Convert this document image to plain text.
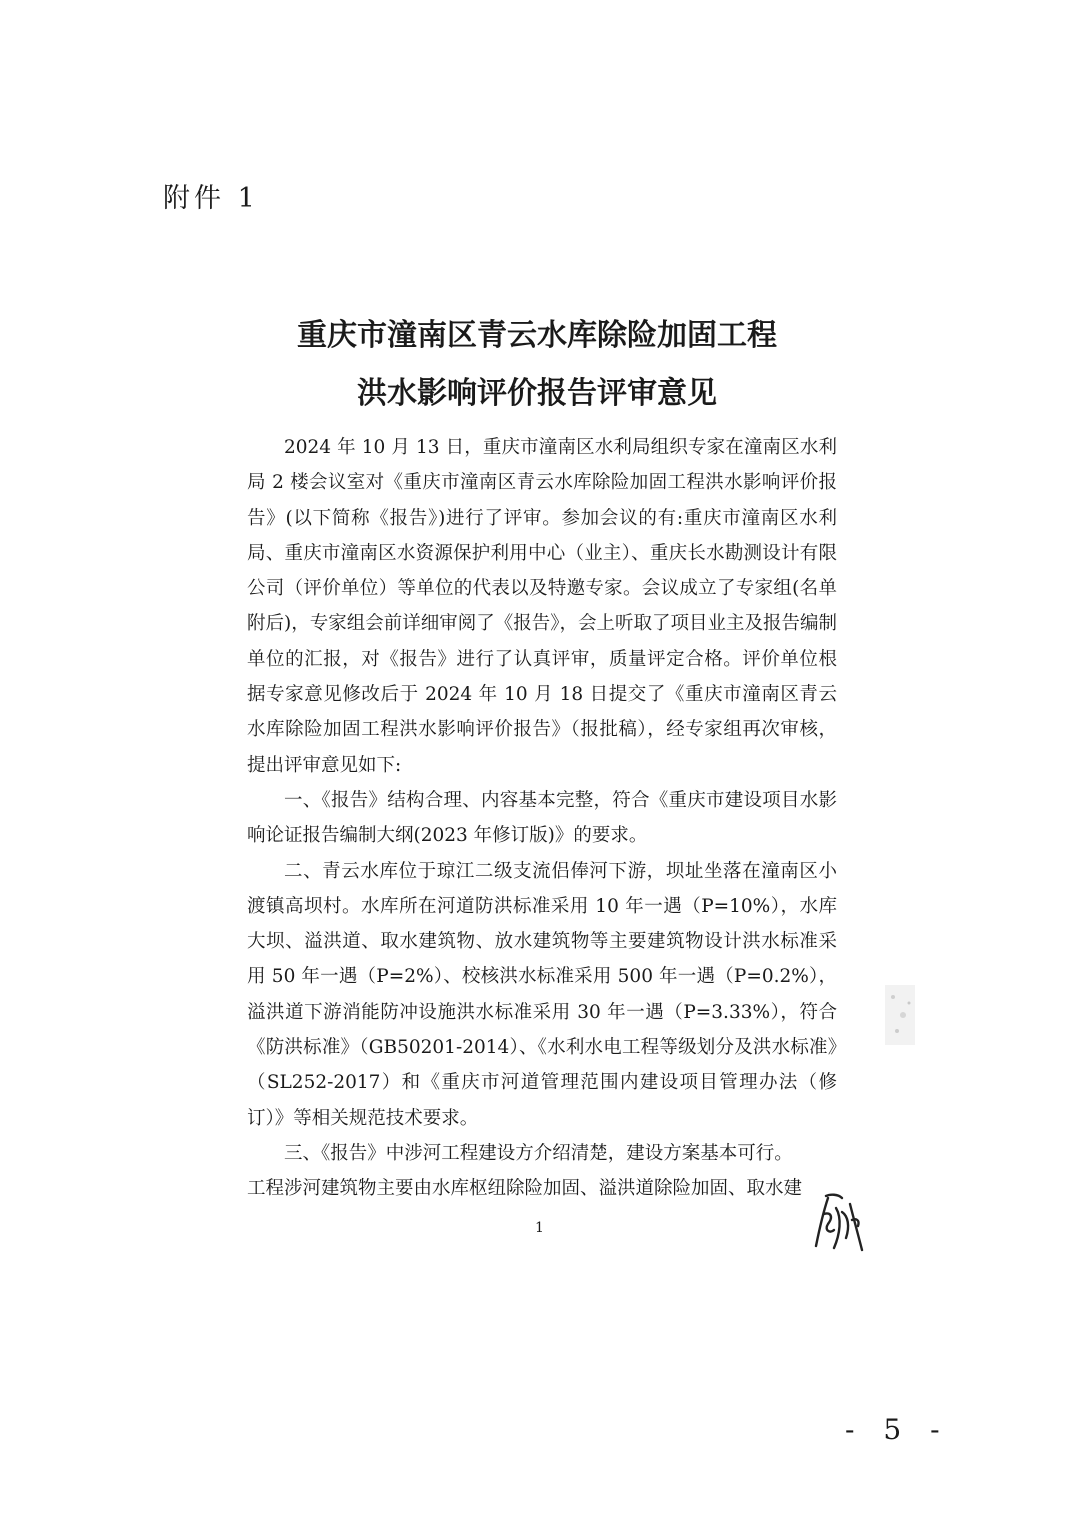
附件 1
重庆市潼南区青云水库除险加固工程
洪水影响评价报告评审意见

2024 年 10 月 13 日，重庆市潼南区水利局组织专家在潼南区水利局 2 楼会议室对《重庆市潼南区青云水库除险加固工程洪水影响评价报告》(以下简称《报告》)进行了评审。参加会议的有:重庆市潼南区水利局、重庆市潼南区水资源保护利用中心（业主）、重庆长水勘测设计有限公司（评价单位）等单位的代表以及特邀专家。会议成立了专家组(名单附后)，专家组会前详细审阅了《报告》，会上听取了项目业主及报告编制单位的汇报，对《报告》进行了认真评审，质量评定合格。评价单位根据专家意见修改后于 2024 年 10 月 18 日提交了《重庆市潼南区青云水库除险加固工程洪水影响评价报告》（报批稿），经专家组再次审核，提出评审意见如下:

一、《报告》结构合理、内容基本完整，符合《重庆市建设项目水影响论证报告编制大纲(2023 年修订版)》的要求。

二、青云水库位于琼江二级支流侣俸河下游，坝址坐落在潼南区小渡镇高坝村。水库所在河道防洪标准采用 10 年一遇（P=10%），水库大坝、溢洪道、取水建筑物、放水建筑物等主要建筑物设计洪水标准采用 50 年一遇（P=2%）、校核洪水标准采用 500 年一遇（P=0.2%），溢洪道下游消能防冲设施洪水标准采用 30 年一遇（P=3.33%），符合《防洪标准》（GB50201-2014）、《水利水电工程等级划分及洪水标准》（SL252-2017）和《重庆市河道管理范围内建设项目管理办法（修订）》等相关规范技术要求。

三、《报告》中涉河工程建设方介绍清楚，建设方案基本可行。

工程涉河建筑物主要由水库枢纽除险加固、溢洪道除险加固、取水建

1
- 5 -
